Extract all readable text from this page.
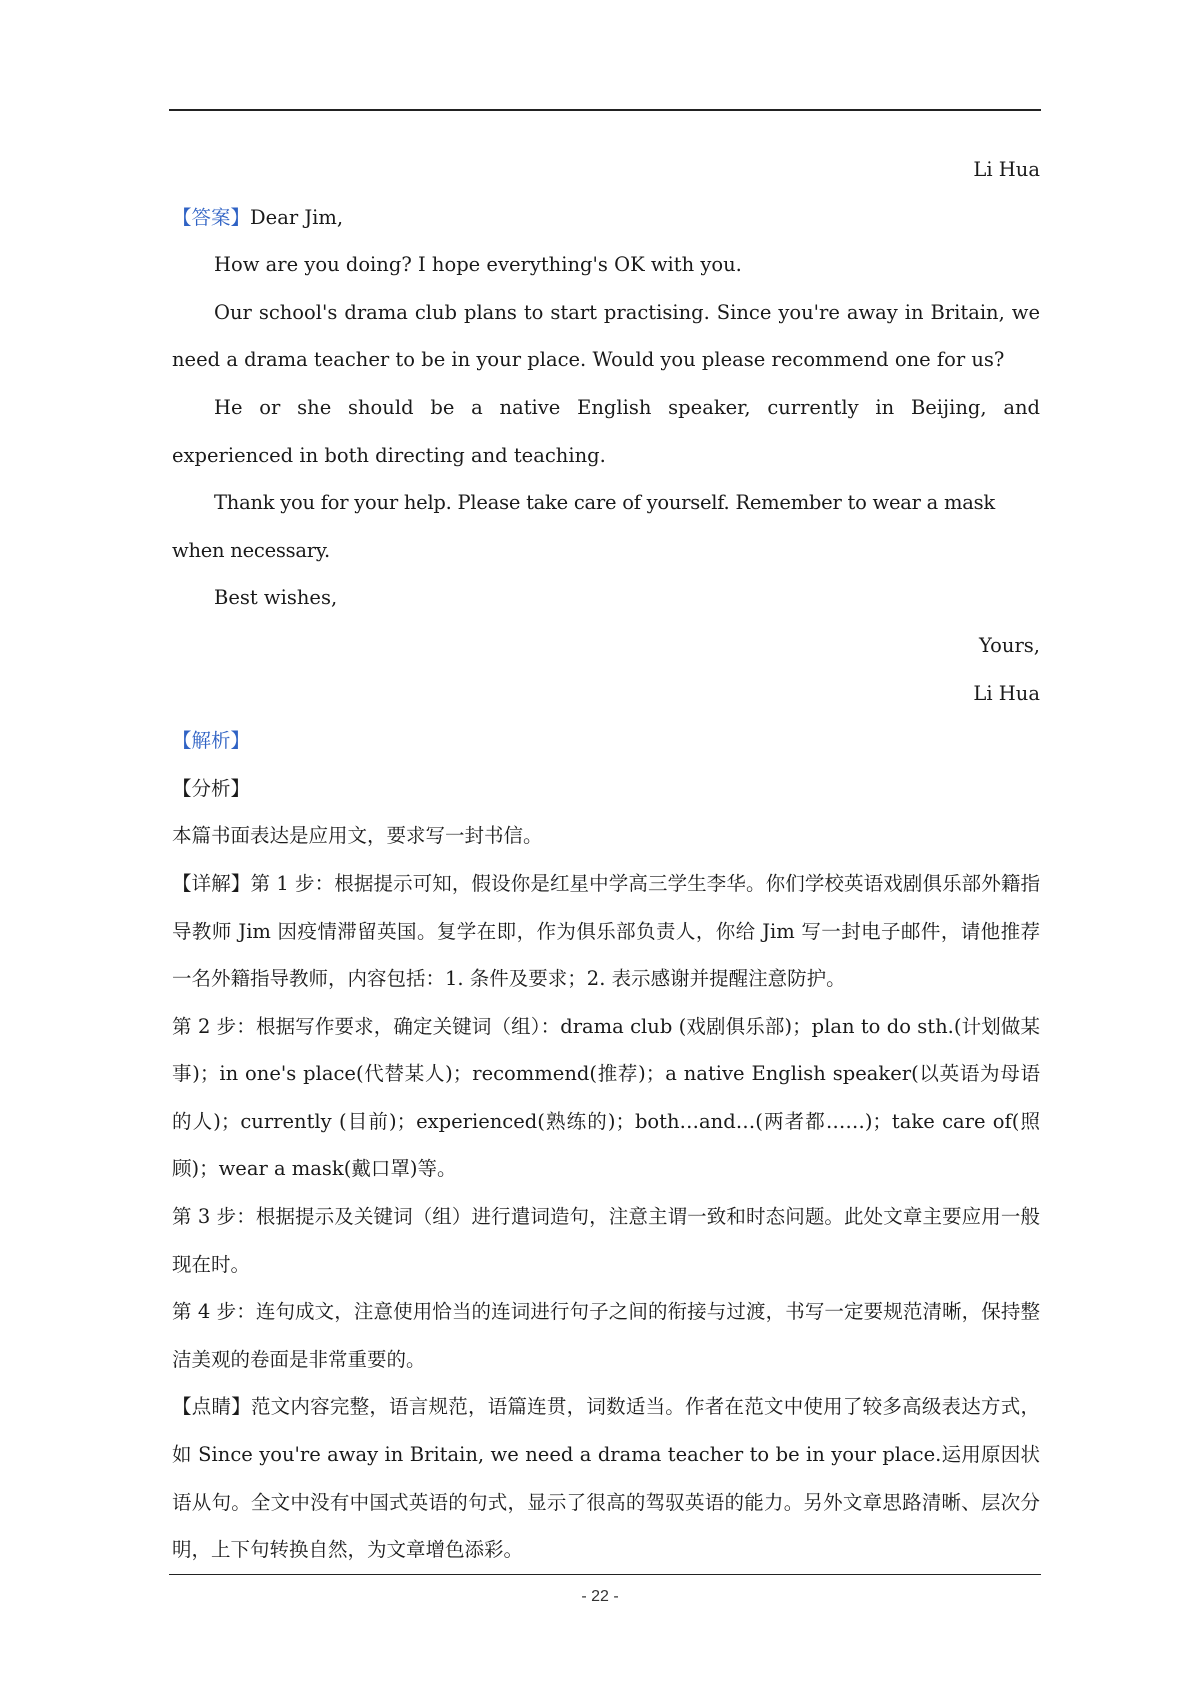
Li Hua

【答案】Dear Jim,

How are you doing? I hope everything's OK with you.

Our school's drama club plans to start practising. Since you're away in Britain, we need a drama teacher to be in your place. Would you please recommend one for us?

He or she should be a native English speaker, currently in Beijing, and experienced in both directing and teaching.

Thank you for your help. Please take care of yourself. Remember to wear a mask when necessary.

Best wishes,

Yours,

Li Hua

【解析】

【分析】

本篇书面表达是应用文，要求写一封书信。

【详解】第 1 步：根据提示可知，假设你是红星中学高三学生李华。你们学校英语戏剧俱乐部外籍指导教师 Jim 因疫情滞留英国。复学在即，作为俱乐部负责人，你给 Jim 写一封电子邮件，请他推荐一名外籍指导教师，内容包括：1. 条件及要求；2. 表示感谢并提醒注意防护。

第 2 步：根据写作要求，确定关键词（组）：drama club (戏剧俱乐部)；plan to do sth.(计划做某事)；in one's place(代替某人)；recommend(推荐)；a native English speaker(以英语为母语的人)；currently (目前)；experienced(熟练的)；both…and…(两者都……)；take care of(照顾)；wear a mask(戴口罩)等。

第 3 步：根据提示及关键词（组）进行遣词造句，注意主谓一致和时态问题。此处文章主要应用一般现在时。

第 4 步：连句成文，注意使用恰当的连词进行句子之间的衔接与过渡，书写一定要规范清晰，保持整洁美观的卷面是非常重要的。

【点睛】范文内容完整，语言规范，语篇连贯，词数适当。作者在范文中使用了较多高级表达方式，如 Since you're away in Britain, we need a drama teacher to be in your place.运用原因状语从句。全文中没有中国式英语的句式，显示了很高的驾驭英语的能力。另外文章思路清晰、层次分明，上下句转换自然，为文章增色添彩。

- 22 -
